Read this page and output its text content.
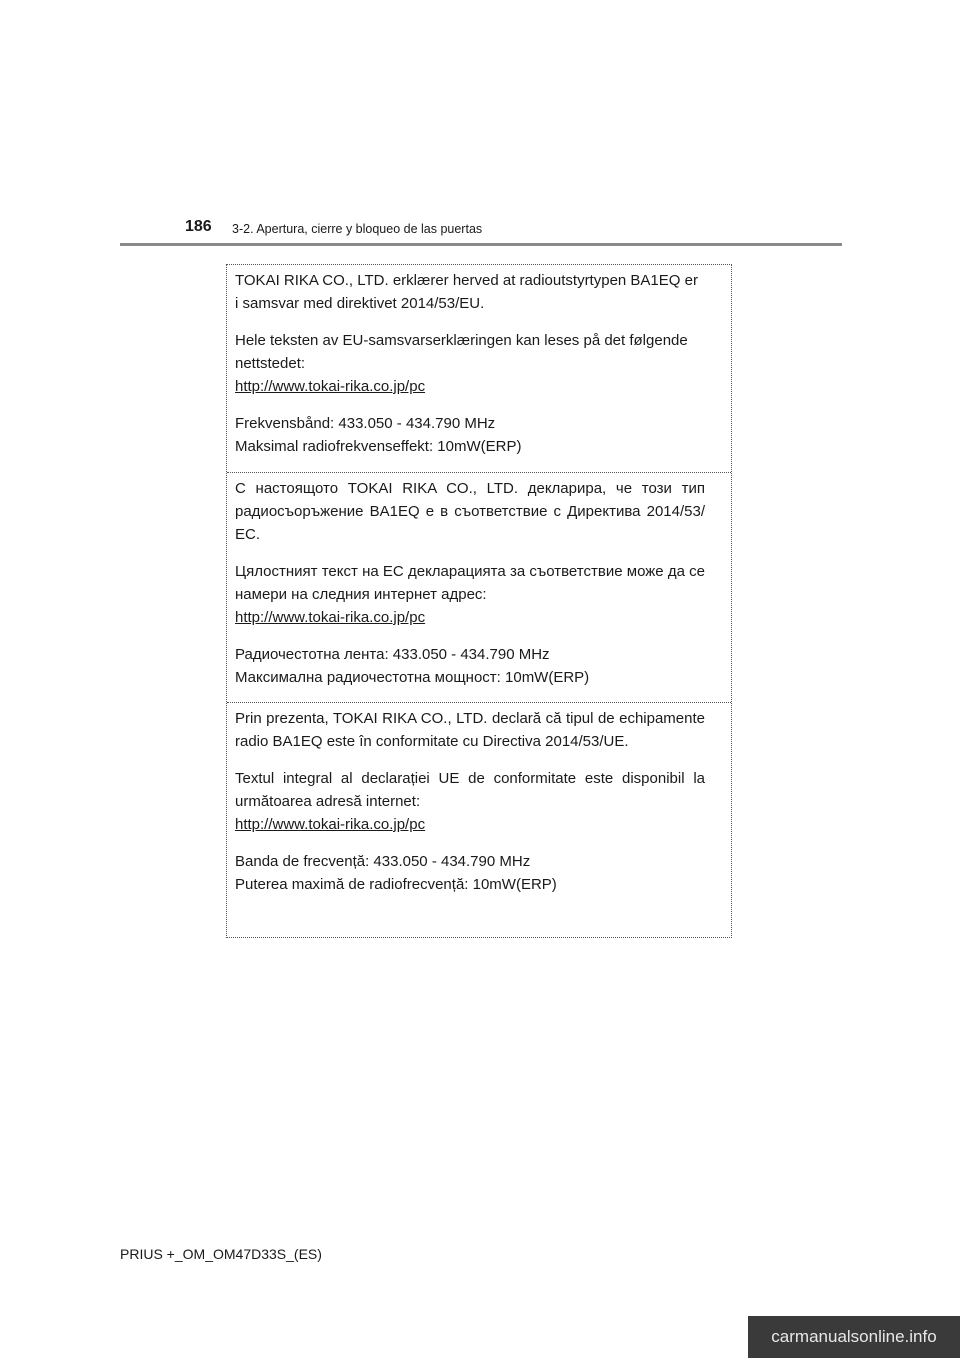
186 3-2. Apertura, cierre y bloqueo de las puertas

TOKAI RIKA CO., LTD. erklærer herved at radioutstyrtypen BA1EQ er i samsvar med direktivet 2014/53/EU.

Hele teksten av EU-samsvarserklæringen kan leses på det følgende nettstedet:

http://www.tokai-rika.co.jp/pc

Frekvensbånd: 433.050 - 434.790 MHz

Maksimal radiofrekvenseffekt: 10mW(ERP)

С настоящото TOKAI RIKA CO., LTD. декларира, че този тип радиосъоръжение BA1EQ е в съответствие с Директива 2014/53/ЕС.

Цялостният текст на ЕС декларацията за съответствие може да се намери на следния интернет адрес:

http://www.tokai-rika.co.jp/pc

Радиочестотна лента: 433.050 - 434.790 MHz

Максимална радиочестотна мощност: 10mW(ERP)

Prin prezenta, TOKAI RIKA CO., LTD. declară că tipul de echipamente radio BA1EQ este în conformitate cu Directiva 2014/53/UE.

Textul integral al declarației UE de conformitate este disponibil la următoarea adresă internet:

http://www.tokai-rika.co.jp/pc

Banda de frecvență: 433.050 - 434.790 MHz

Puterea maximă de radiofrecvență: 10mW(ERP)

PRIUS +_OM_OM47D33S_(ES)
carmanualsonline.info
